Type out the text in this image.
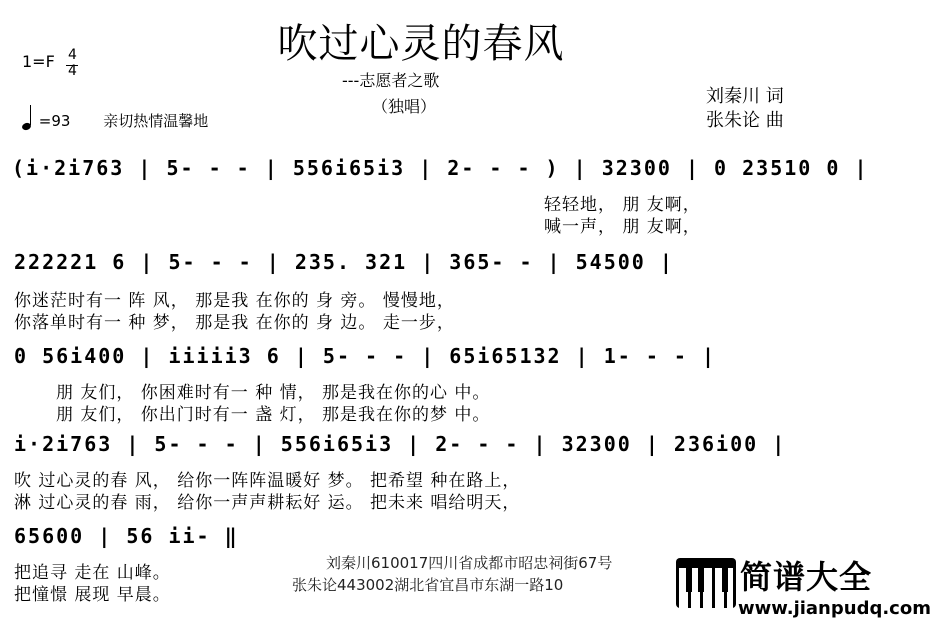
吹过心灵的春风
1=F 4
4
=93 亲切热情温馨地
---志愿者之歌
（独唱）	刘秦川 词
张朱论 曲
(i·2i763 | 5- - - | 556i65i3 | 2- - - ) | 32300 | 0 23510 0 |
轻轻地， 朋 友啊，
喊一声， 朋 友啊，
222221 6 | 5- - - | 235. 321 | 365- - | 54500 |
你迷茫时有一 阵 风， 那是我 在你的 身 旁。 慢慢地，
你落单时有一 种 梦， 那是我 在你的 身 边。 走一步，
0 56i400 | iiiii3 6 | 5- - - | 65i65132 | 1- - - |
朋 友们， 你困难时有一 种 情， 那是我在你的心 中。
朋 友们， 你出门时有一 盏 灯， 那是我在你的梦 中。
i·2i763 | 5- - - | 556i65i3 | 2- - - | 32300 | 236i00 |
吹 过心灵的春 风， 给你一阵阵温暖好 梦。 把希望 种在路上，
淋 过心灵的春 雨， 给你一声声耕耘好 运。 把未来 唱给明天，
65600 | 56 ii- ‖
把追寻 走在 山峰。
把憧憬 展现 早晨。
刘秦川610017四川省成都市昭忠祠街67号
张朱论443002湖北省宜昌市东湖一路10	简谱大全
www.jianpudq.com
